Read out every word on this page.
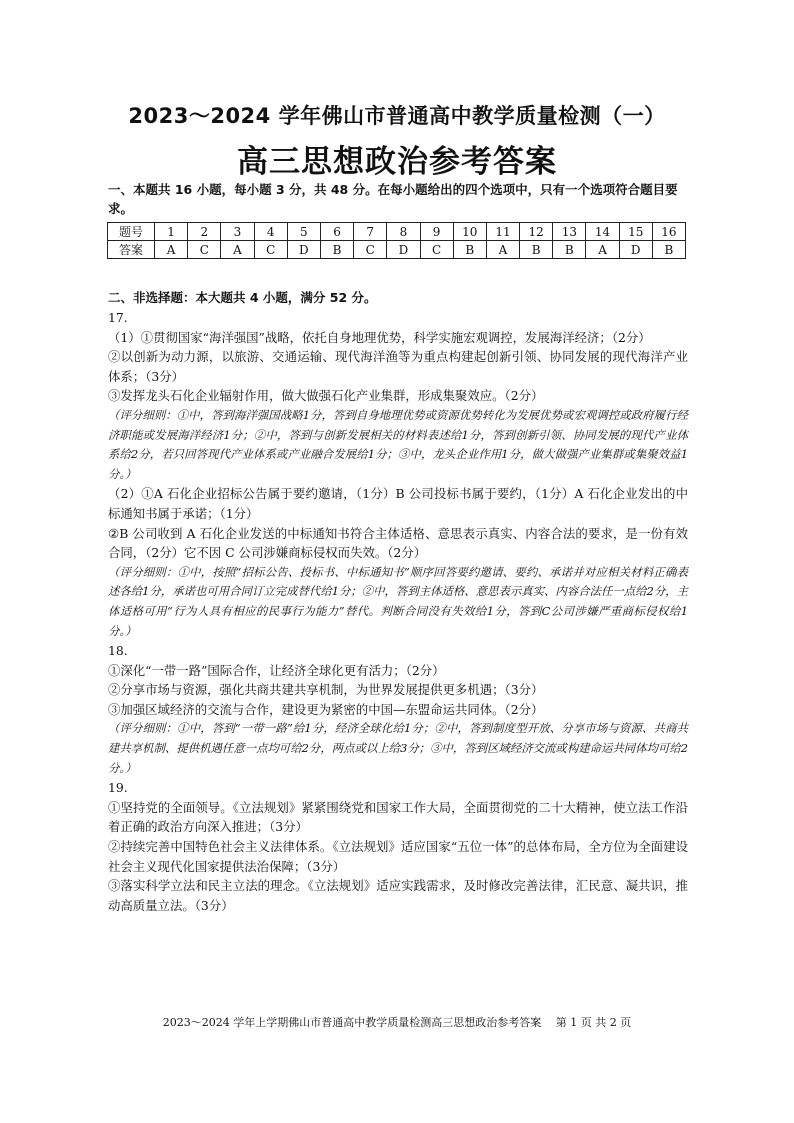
2023～2024 学年佛山市普通高中教学质量检测（一）
高三思想政治参考答案
一、本题共 16 小题，每小题 3 分，共 48 分。在每小题给出的四个选项中，只有一个选项符合题目要求。
题号	1	2	3	4	5	6	7	8	9	10	11	12	13	14	15	16
答案	A	C	A	C	D	B	C	D	C	B	A	B	B	A	D	B
二、非选择题：本大题共 4 小题，满分 52 分。

17.

（1）①贯彻国家“海洋强国”战略，依托自身地理优势，科学实施宏观调控，发展海洋经济；（2分）

②以创新为动力源，以旅游、交通运输、现代海洋渔等为重点构建起创新引领、协同发展的现代海洋产业体系；（3分）

③发挥龙头石化企业辐射作用，做大做强石化产业集群，形成集聚效应。（2分）

（评分细则：①中，答到海洋强国战略1分，答到自身地理优势或资源优势转化为发展优势或宏观调控或政府履行经济职能或发展海洋经济1分；②中，答到与创新发展相关的材料表述给1分，答到创新引领、协同发展的现代产业体系给2分，若只回答现代产业体系或产业融合发展给1分；③中，龙头企业作用1分，做大做强产业集群或集聚效益1分。）

（2）①A 石化企业招标公告属于要约邀请，（1分）B 公司投标书属于要约，（1分）A 石化企业发出的中标通知书属于承诺；（1分）

②B 公司收到 A 石化企业发送的中标通知书符合主体适格、意思表示真实、内容合法的要求，是一份有效合同，（2分）它不因 C 公司涉嫌商标侵权而失效。（2分）

（评分细则：①中，按照“招标公告、投标书、中标通知书”顺序回答要约邀请、要约、承诺并对应相关材料正确表述各给1分，承诺也可用合同订立完成替代给1分；②中，答到主体适格、意思表示真实、内容合法任一点给2分，主体适格可用“行为人具有相应的民事行为能力”替代。判断合同没有失效给1分，答到C公司涉嫌严重商标侵权给1分。）

18.

①深化“一带一路”国际合作，让经济全球化更有活力；（2分）

②分享市场与资源，强化共商共建共享机制，为世界发展提供更多机遇；（3分）

③加强区域经济的交流与合作，建设更为紧密的中国—东盟命运共同体。（2分）

（评分细则：①中，答到“一带一路”给1分，经济全球化给1分；②中，答到制度型开放、分享市场与资源、共商共建共享机制、提供机遇任意一点均可给2分，两点或以上给3分；③中，答到区域经济交流或构建命运共同体均可给2分。）

19.

①坚持党的全面领导。《立法规划》紧紧围绕党和国家工作大局，全面贯彻党的二十大精神，使立法工作沿着正确的政治方向深入推进；（3分）

②持续完善中国特色社会主义法律体系。《立法规划》适应国家“五位一体”的总体布局，全方位为全面建设社会主义现代化国家提供法治保障；（3分）

③落实科学立法和民主立法的理念。《立法规划》适应实践需求，及时修改完善法律，汇民意、凝共识，推动高质量立法。（3分）

2023～2024 学年上学期佛山市普通高中教学质量检测高三思想政治参考答案　 第 1 页 共 2 页
